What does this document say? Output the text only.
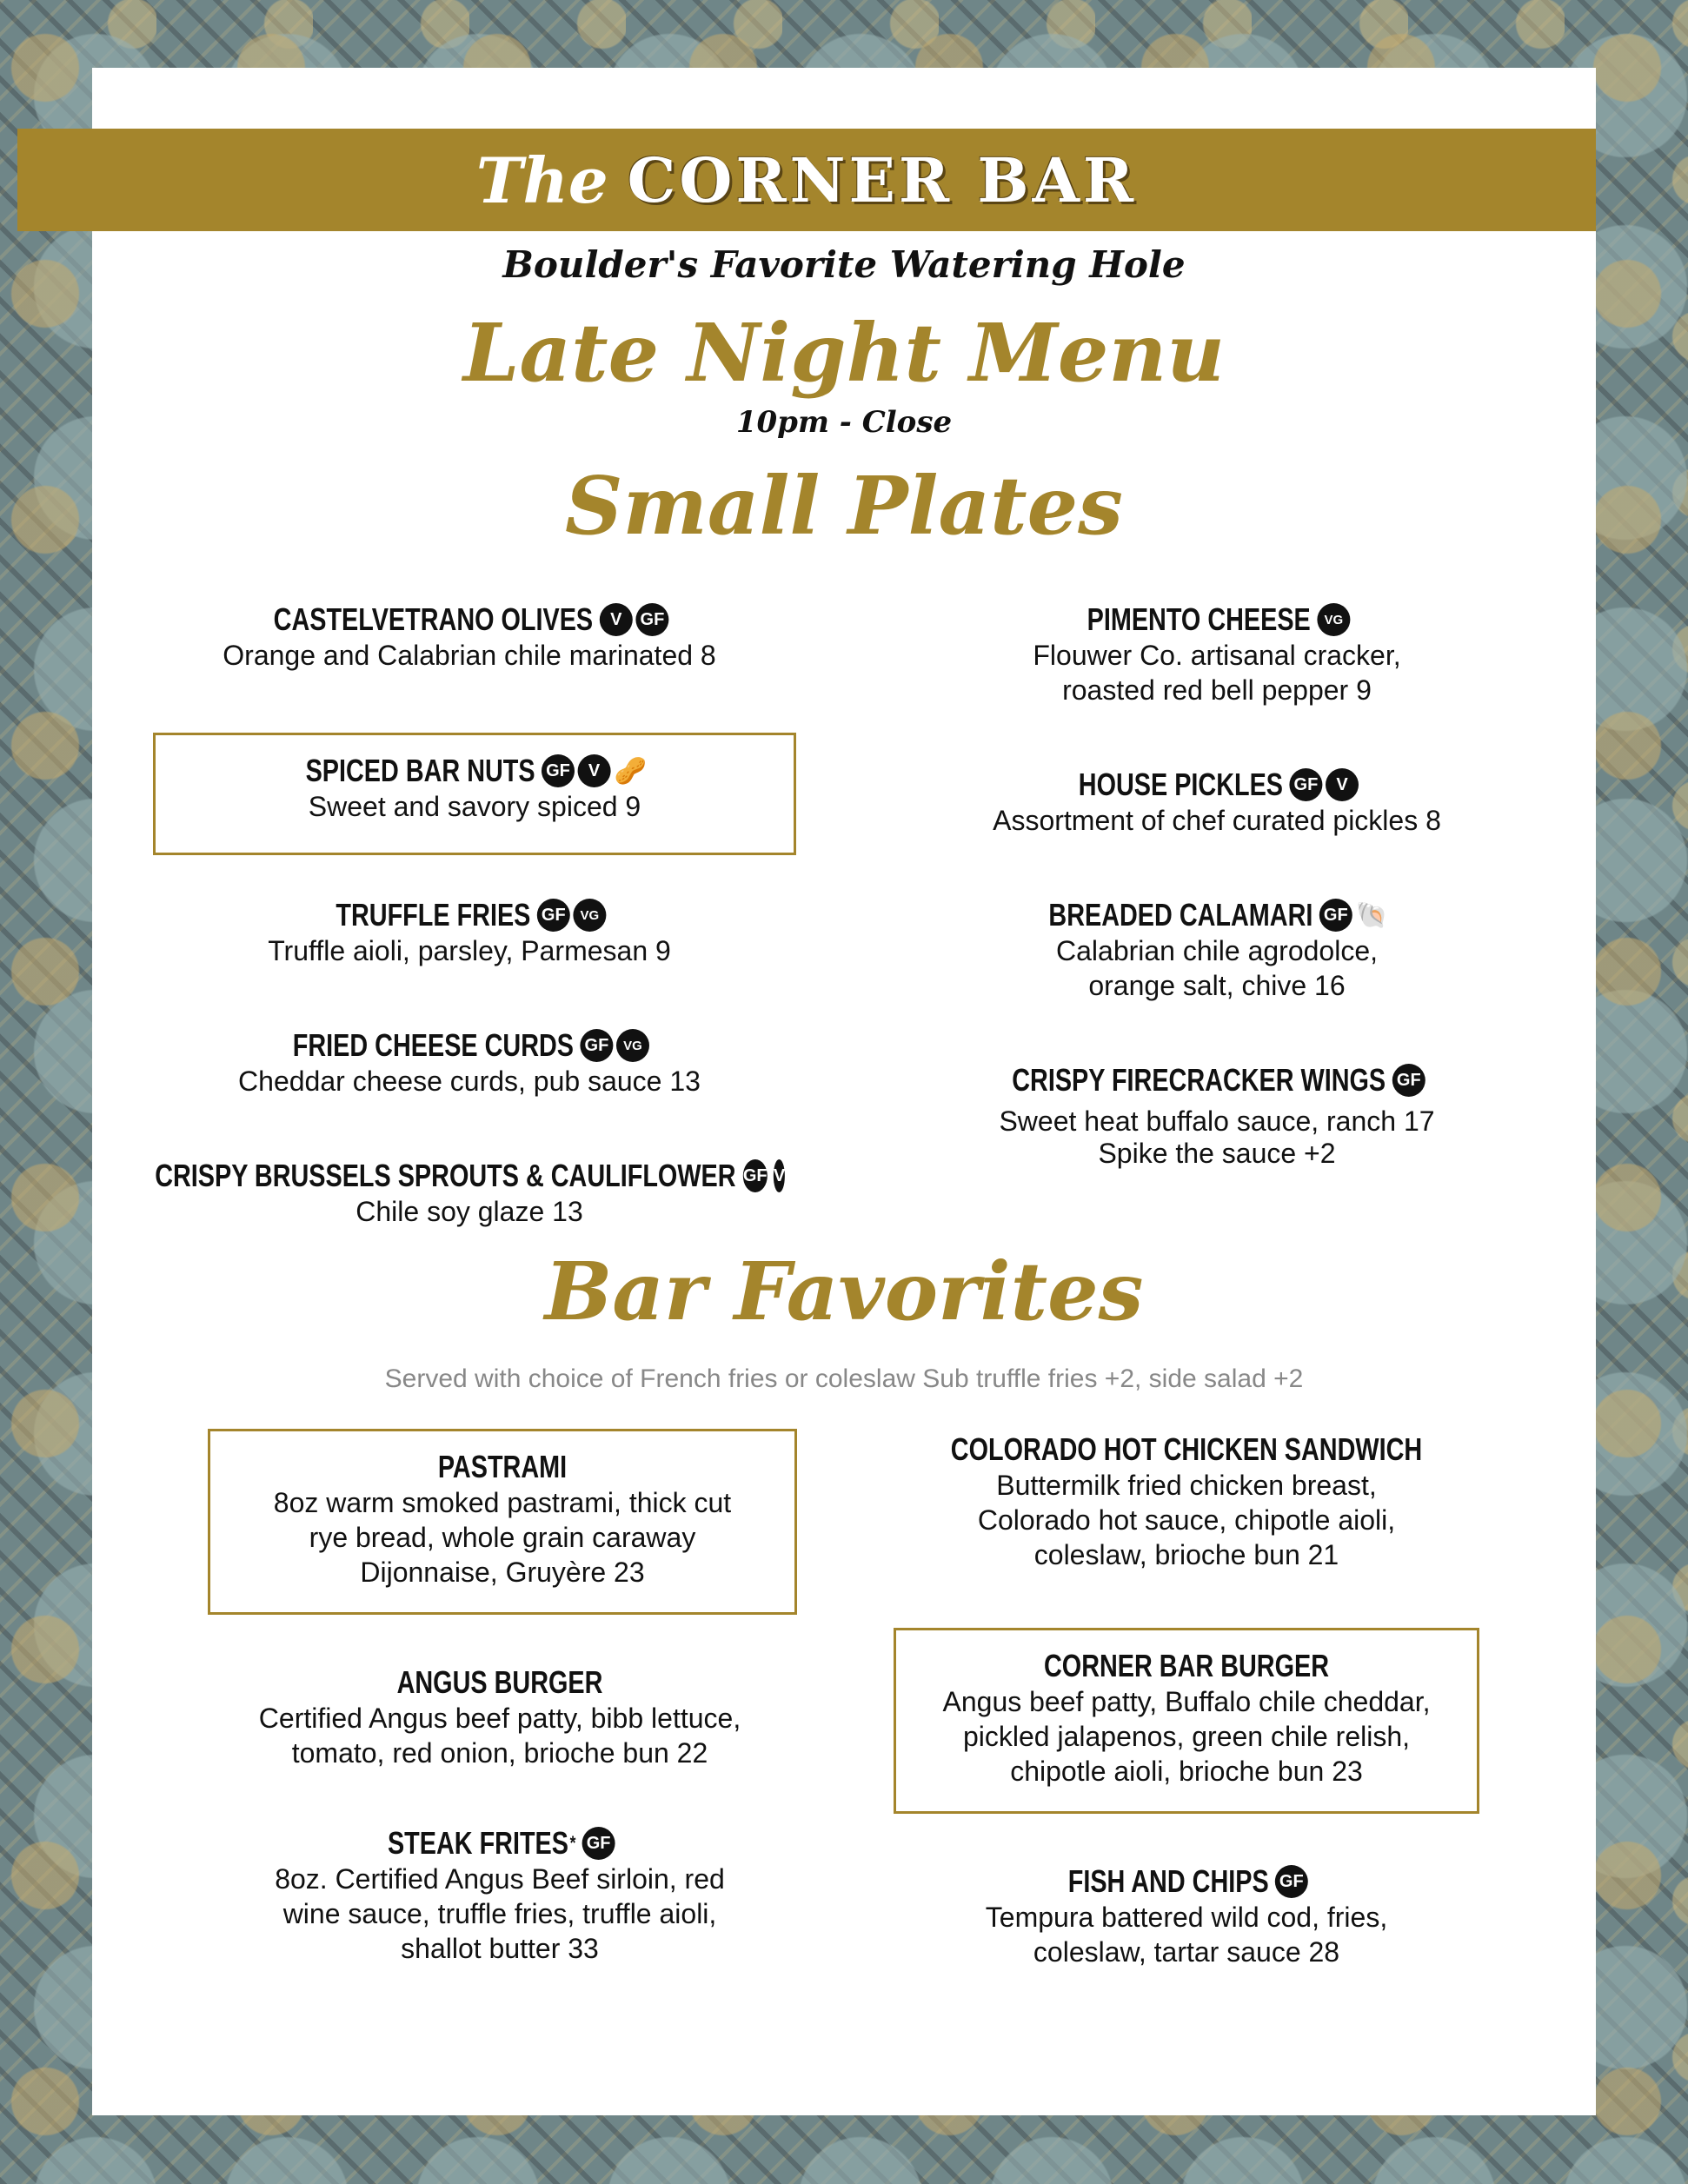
The CORNER BAR
Boulder's Favorite Watering Hole
Late Night Menu
10pm - Close
Small Plates
CASTELVETRANO OLIVES V	GF
Orange and Calabrian chile marinated 8
SPICED BAR NUTS GF	V 🥜
Sweet and savory spiced 9
TRUFFLE FRIES GF	VG
Truffle aioli, parsley, Parmesan 9
FRIED CHEESE CURDS GF	VG
Cheddar cheese curds, pub sauce 13
CRISPY BRUSSELS SPROUTS & CAULIFLOWER GF V
Chile soy glaze 13
PIMENTO CHEESE	VG
Flouwer Co. artisanal cracker,
roasted red bell pepper 9
HOUSE PICKLES GF	V
Assortment of chef curated pickles 8
BREADED CALAMARI GF 🐚
Calabrian chile agrodolce,
orange salt, chive 16
CRISPY FIRECRACKER WINGS GF
Sweet heat buffalo sauce, ranch 17
Spike the sauce +2
Bar Favorites
Served with choice of French fries or coleslaw Sub truffle fries +2, side salad +2
PASTRAMI
8oz warm smoked pastrami, thick cut
rye bread, whole grain caraway
Dijonnaise, Gruyère 23
COLORADO HOT CHICKEN SANDWICH
Buttermilk fried chicken breast,
Colorado hot sauce, chipotle aioli,
coleslaw, brioche bun 21
ANGUS BURGER
Certified Angus beef patty, bibb lettuce,
tomato, red onion, brioche bun 22
CORNER BAR BURGER
Angus beef patty, Buffalo chile cheddar,
pickled jalapenos, green chile relish,
chipotle aioli, brioche bun 23
STEAK FRITES * GF
8oz. Certified Angus Beef sirloin, red
wine sauce, truffle fries, truffle aioli,
shallot butter 33
FISH AND CHIPS GF
Tempura battered wild cod, fries,
coleslaw, tartar sauce 28
